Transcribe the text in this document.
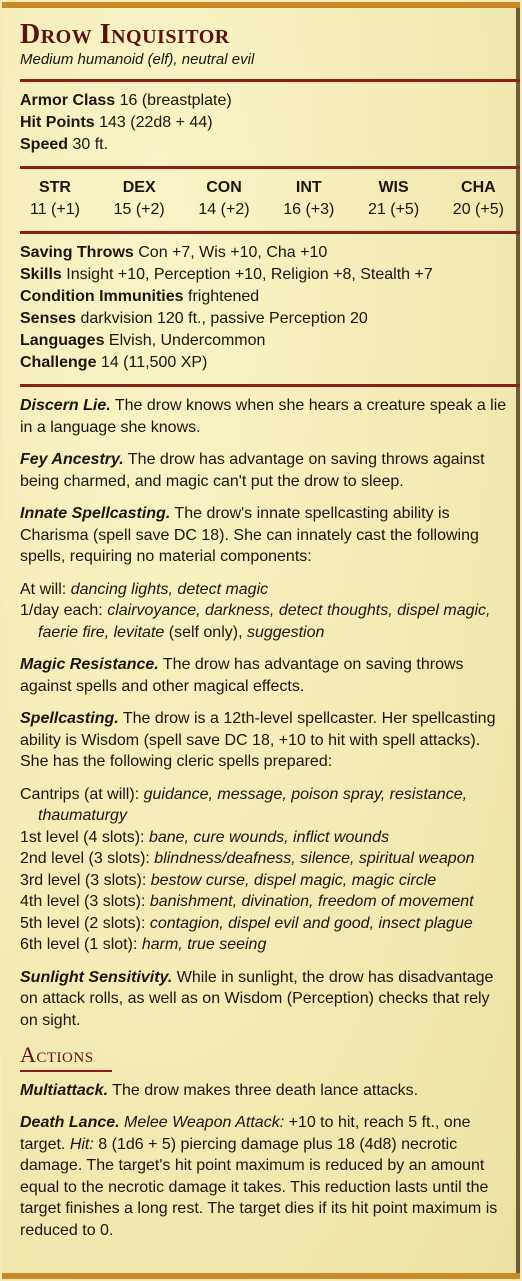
Drow Inquisitor
Medium humanoid (elf), neutral evil

Armor Class 16 (breastplate)

Hit Points 143 (22d8 + 44)

Speed 30 ft.

STR
11 (+1)
DEX
15 (+2)
CON
14 (+2)
INT
16 (+3)
WIS
21 (+5)
CHA
20 (+5)

Saving Throws Con +7, Wis +10, Cha +10

Skills Insight +10, Perception +10, Religion +8, Stealth +7

Condition Immunities frightened

Senses darkvision 120 ft., passive Perception 20

Languages Elvish, Undercommon

Challenge 14 (11,500 XP)

Discern Lie. The drow knows when she hears a creature speak a lie in a language she knows.

Fey Ancestry. The drow has advantage on saving throws against being charmed, and magic can't put the drow to sleep.

Innate Spellcasting. The drow's innate spellcasting ability is Charisma (spell save DC 18). She can innately cast the following spells, requiring no material components:

At will: dancing lights, detect magic

1/day each: clairvoyance, darkness, detect thoughts, dispel magic,

faerie fire, levitate (self only), suggestion

Magic Resistance. The drow has advantage on saving throws against spells and other magical effects.

Spellcasting. The drow is a 12th-level spellcaster. Her spellcasting ability is Wisdom (spell save DC 18, +10 to hit with spell attacks). She has the following cleric spells prepared:

Cantrips (at will): guidance, message, poison spray, resistance,

thaumaturgy

1st level (4 slots): bane, cure wounds, inflict wounds

2nd level (3 slots): blindness/deafness, silence, spiritual weapon

3rd level (3 slots): bestow curse, dispel magic, magic circle

4th level (3 slots): banishment, divination, freedom of movement

5th level (2 slots): contagion, dispel evil and good, insect plague

6th level (1 slot): harm, true seeing

Sunlight Sensitivity. While in sunlight, the drow has disadvantage on attack rolls, as well as on Wisdom (Perception) checks that rely on sight.

Actions

Multiattack. The drow makes three death lance attacks.

Death Lance. Melee Weapon Attack: +10 to hit, reach 5 ft., one target. Hit: 8 (1d6 + 5) piercing damage plus 18 (4d8) necrotic damage. The target's hit point maximum is reduced by an amount equal to the necrotic damage it takes. This reduction lasts until the target finishes a long rest. The target dies if its hit point maximum is reduced to 0.
